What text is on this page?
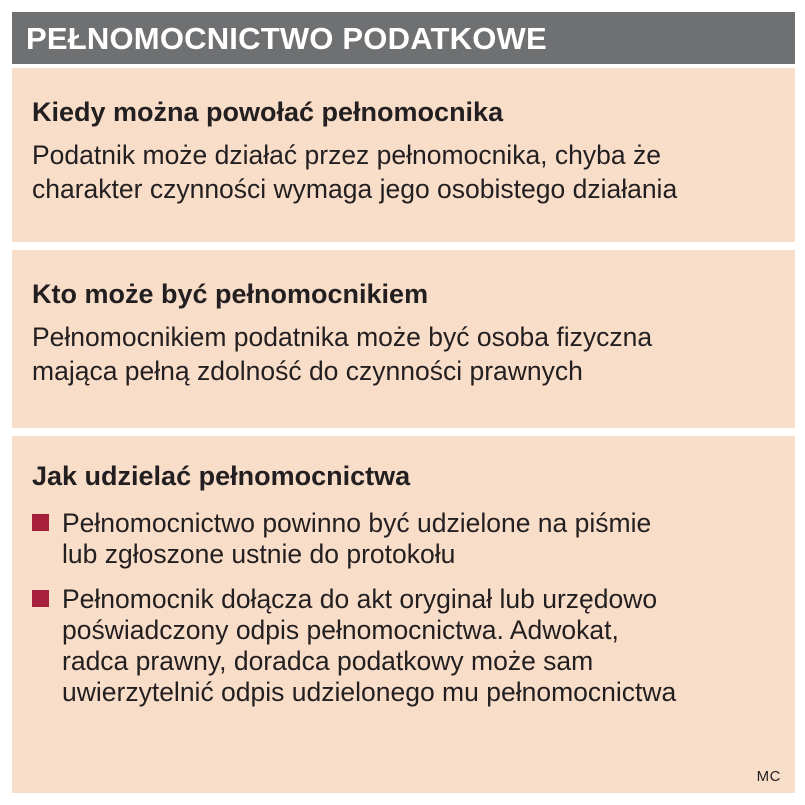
PEŁNOMOCNICTWO PODATKOWE
Kiedy można powołać pełnomocnika
Podatnik może działać przez pełnomocnika, chyba że
charakter czynności wymaga jego osobistego działania
Kto może być pełnomocnikiem
Pełnomocnikiem podatnika może być osoba fizyczna
mająca pełną zdolność do czynności prawnych
Jak udzielać pełnomocnictwa
Pełnomocnictwo powinno być udzielone na piśmie
lub zgłoszone ustnie do protokołu
Pełnomocnik dołącza do akt oryginał lub urzędowo
poświadczony odpis pełnomocnictwa. Adwokat,
radca prawny, doradca podatkowy może sam
uwierzytelnić odpis udzielonego mu pełnomocnictwa
MC
